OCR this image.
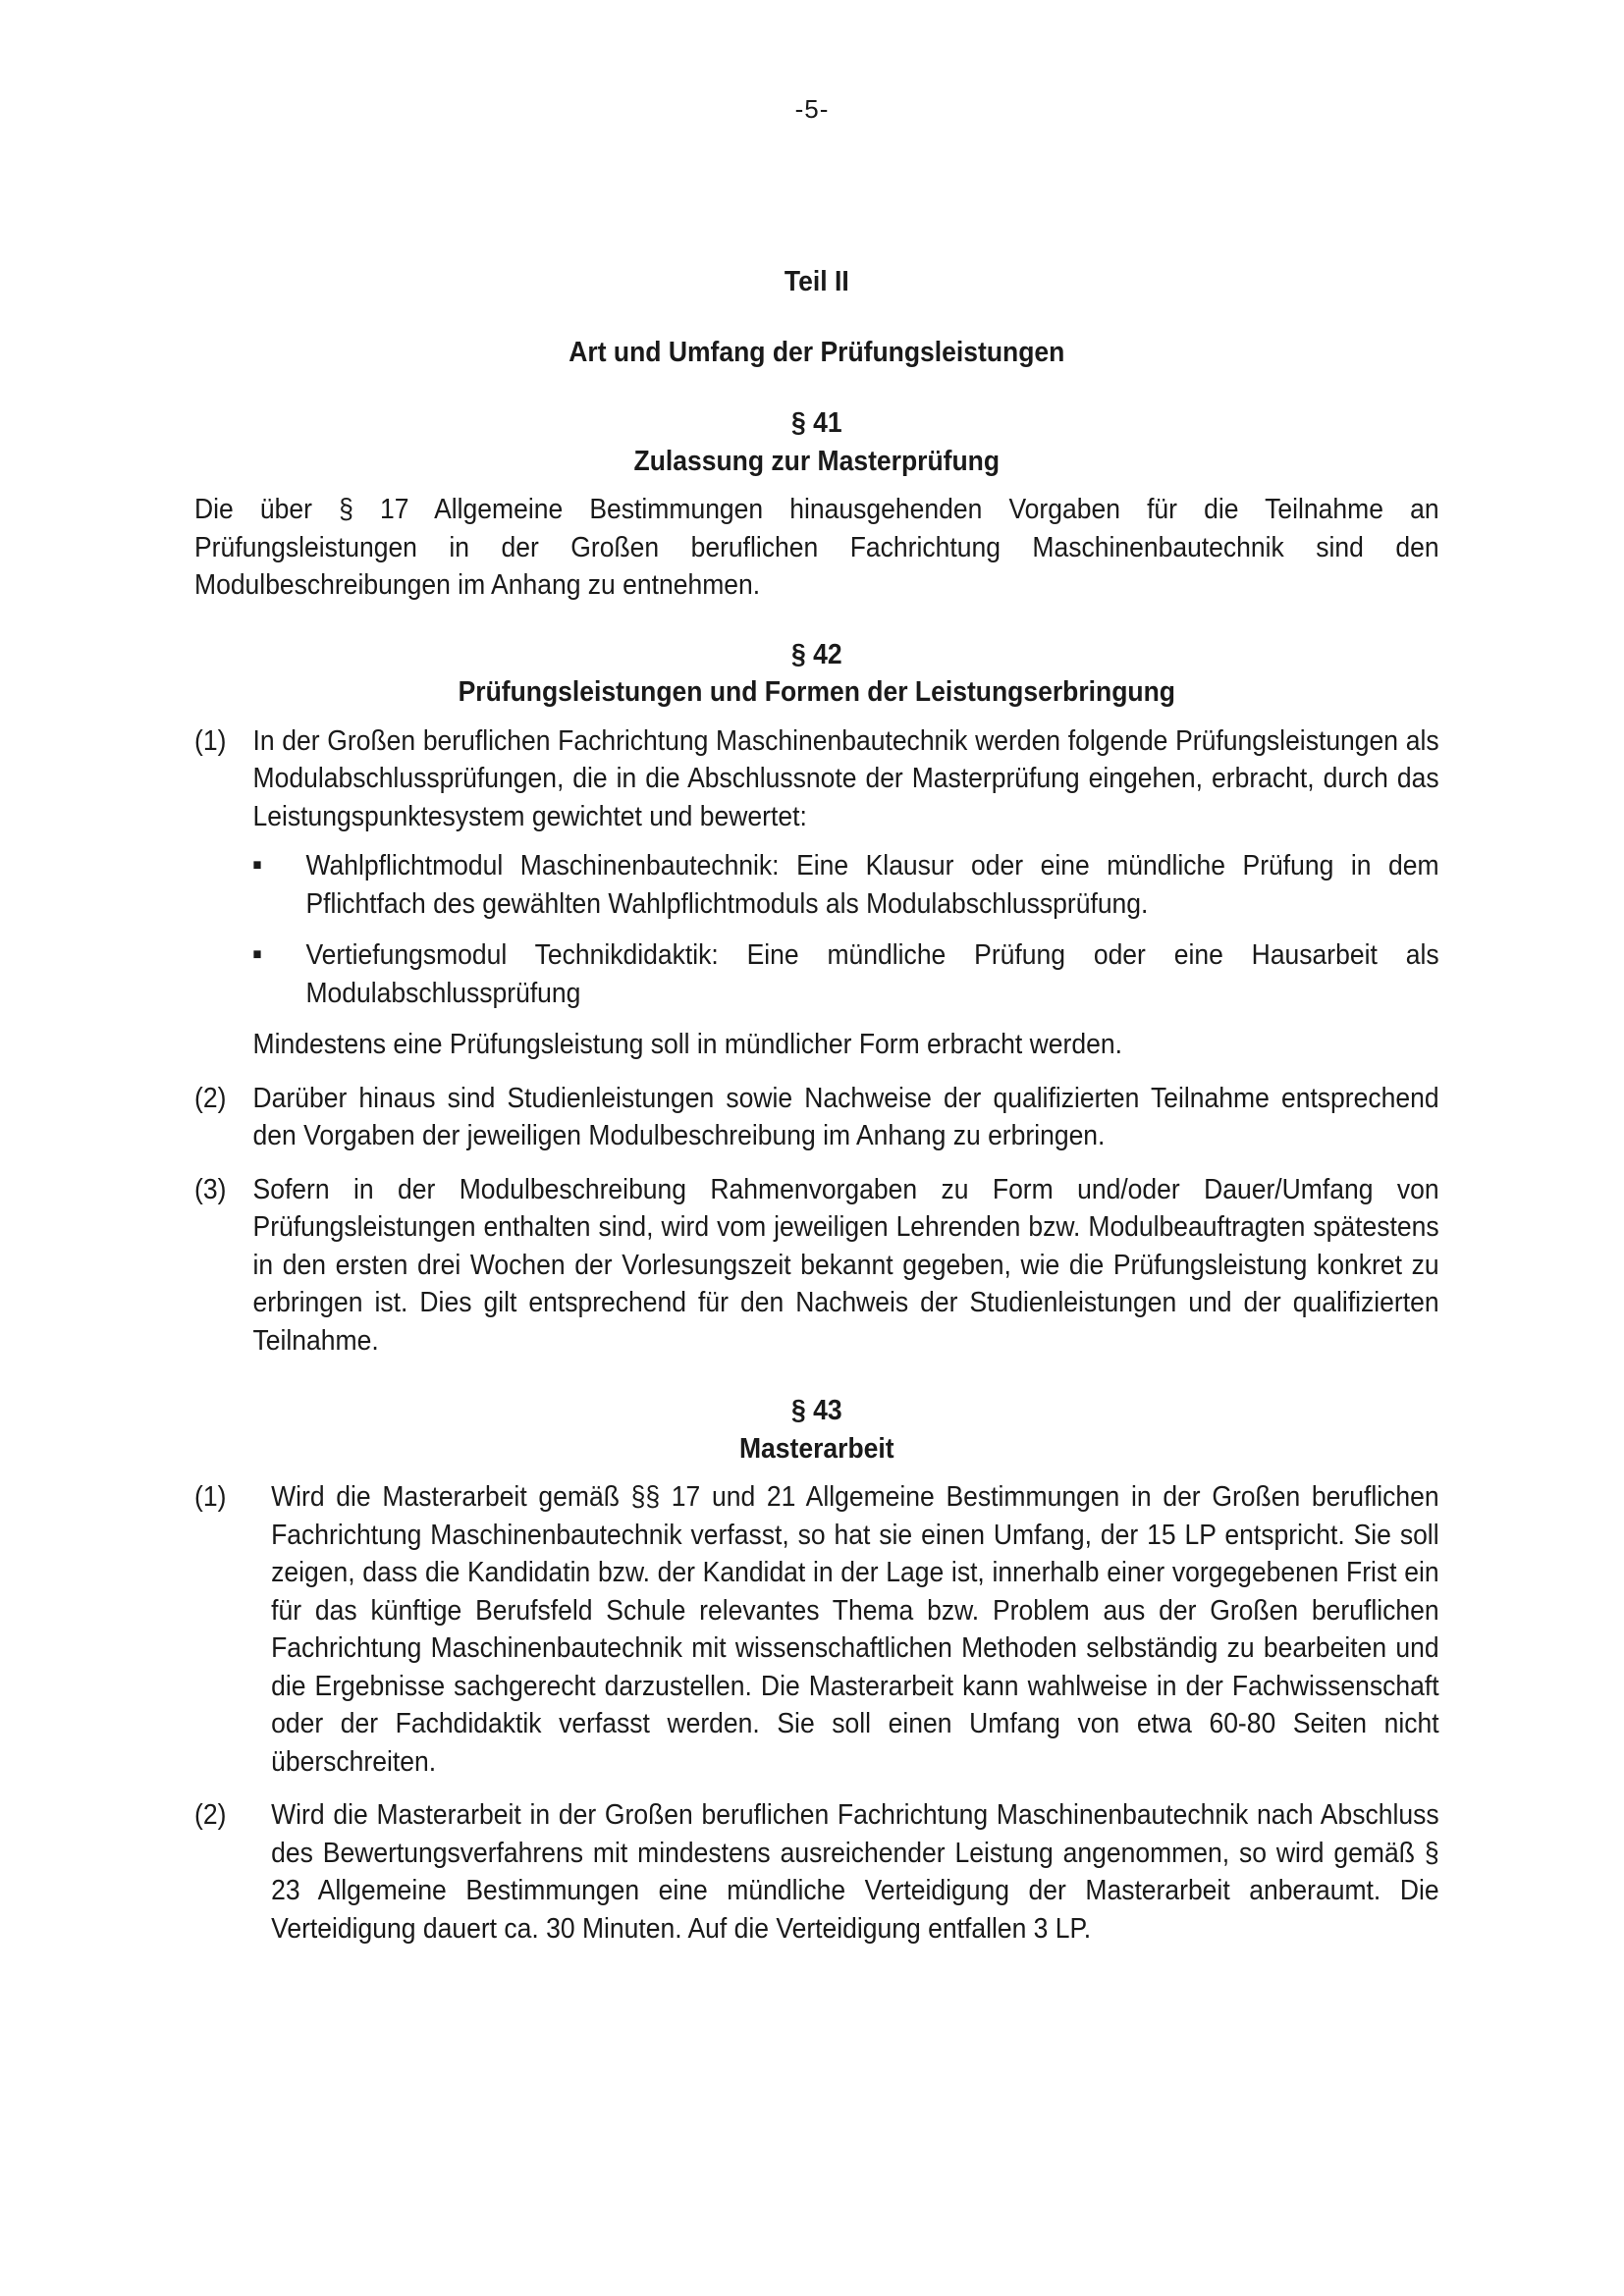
-5-
Teil II
Art und Umfang der Prüfungsleistungen
§ 41
Zulassung zur Masterprüfung
Die über § 17 Allgemeine Bestimmungen hinausgehenden Vorgaben für die Teilnahme an Prüfungsleistungen in der Großen beruflichen Fachrichtung Maschinenbautechnik sind den Modulbeschreibungen im Anhang zu entnehmen.
§ 42
Prüfungsleistungen und Formen der Leistungserbringung
(1) In der Großen beruflichen Fachrichtung Maschinenbautechnik werden folgende Prüfungsleistungen als Modulabschlussprüfungen, die in die Abschlussnote der Masterprüfung eingehen, erbracht, durch das Leistungspunktesystem gewichtet und bewertet:
■	Wahlpflichtmodul Maschinenbautechnik: Eine Klausur oder eine mündliche Prüfung in dem Pflichtfach des gewählten Wahlpflichtmoduls als Modulabschlussprüfung.
■	Vertiefungsmodul Technikdidaktik: Eine mündliche Prüfung oder eine Hausarbeit als Modulabschlussprüfung
Mindestens eine Prüfungsleistung soll in mündlicher Form erbracht werden.
(2) Darüber hinaus sind Studienleistungen sowie Nachweise der qualifizierten Teilnahme entsprechend den Vorgaben der jeweiligen Modulbeschreibung im Anhang zu erbringen.
(3) Sofern in der Modulbeschreibung Rahmenvorgaben zu Form und/oder Dauer/Umfang von Prüfungsleistungen enthalten sind, wird vom jeweiligen Lehrenden bzw. Modulbeauftragten spätestens in den ersten drei Wochen der Vorlesungszeit bekannt gegeben, wie die Prüfungsleistung konkret zu erbringen ist. Dies gilt entsprechend für den Nachweis der Studienleistungen und der qualifizierten Teilnahme.
§ 43
Masterarbeit
(1)	Wird die Masterarbeit gemäß §§ 17 und 21 Allgemeine Bestimmungen in der Großen beruflichen Fachrichtung Maschinenbautechnik verfasst, so hat sie einen Umfang, der 15 LP entspricht. Sie soll zeigen, dass die Kandidatin bzw. der Kandidat in der Lage ist, innerhalb einer vorgegebenen Frist ein für das künftige Berufsfeld Schule relevantes Thema bzw. Problem aus der Großen beruflichen Fachrichtung Maschinenbautechnik mit wissenschaftlichen Methoden selbständig zu bearbeiten und die Ergebnisse sachgerecht darzustellen. Die Masterarbeit kann wahlweise in der Fachwissenschaft oder der Fachdidaktik verfasst werden. Sie soll einen Umfang von etwa 60-80 Seiten nicht überschreiten.
(2)	Wird die Masterarbeit in der Großen beruflichen Fachrichtung Maschinenbautechnik nach Abschluss des Bewertungsverfahrens mit mindestens ausreichender Leistung angenommen, so wird gemäß § 23 Allgemeine Bestimmungen eine mündliche Verteidigung der Masterarbeit anberaumt. Die Verteidigung dauert ca. 30 Minuten. Auf die Verteidigung entfallen 3 LP.
